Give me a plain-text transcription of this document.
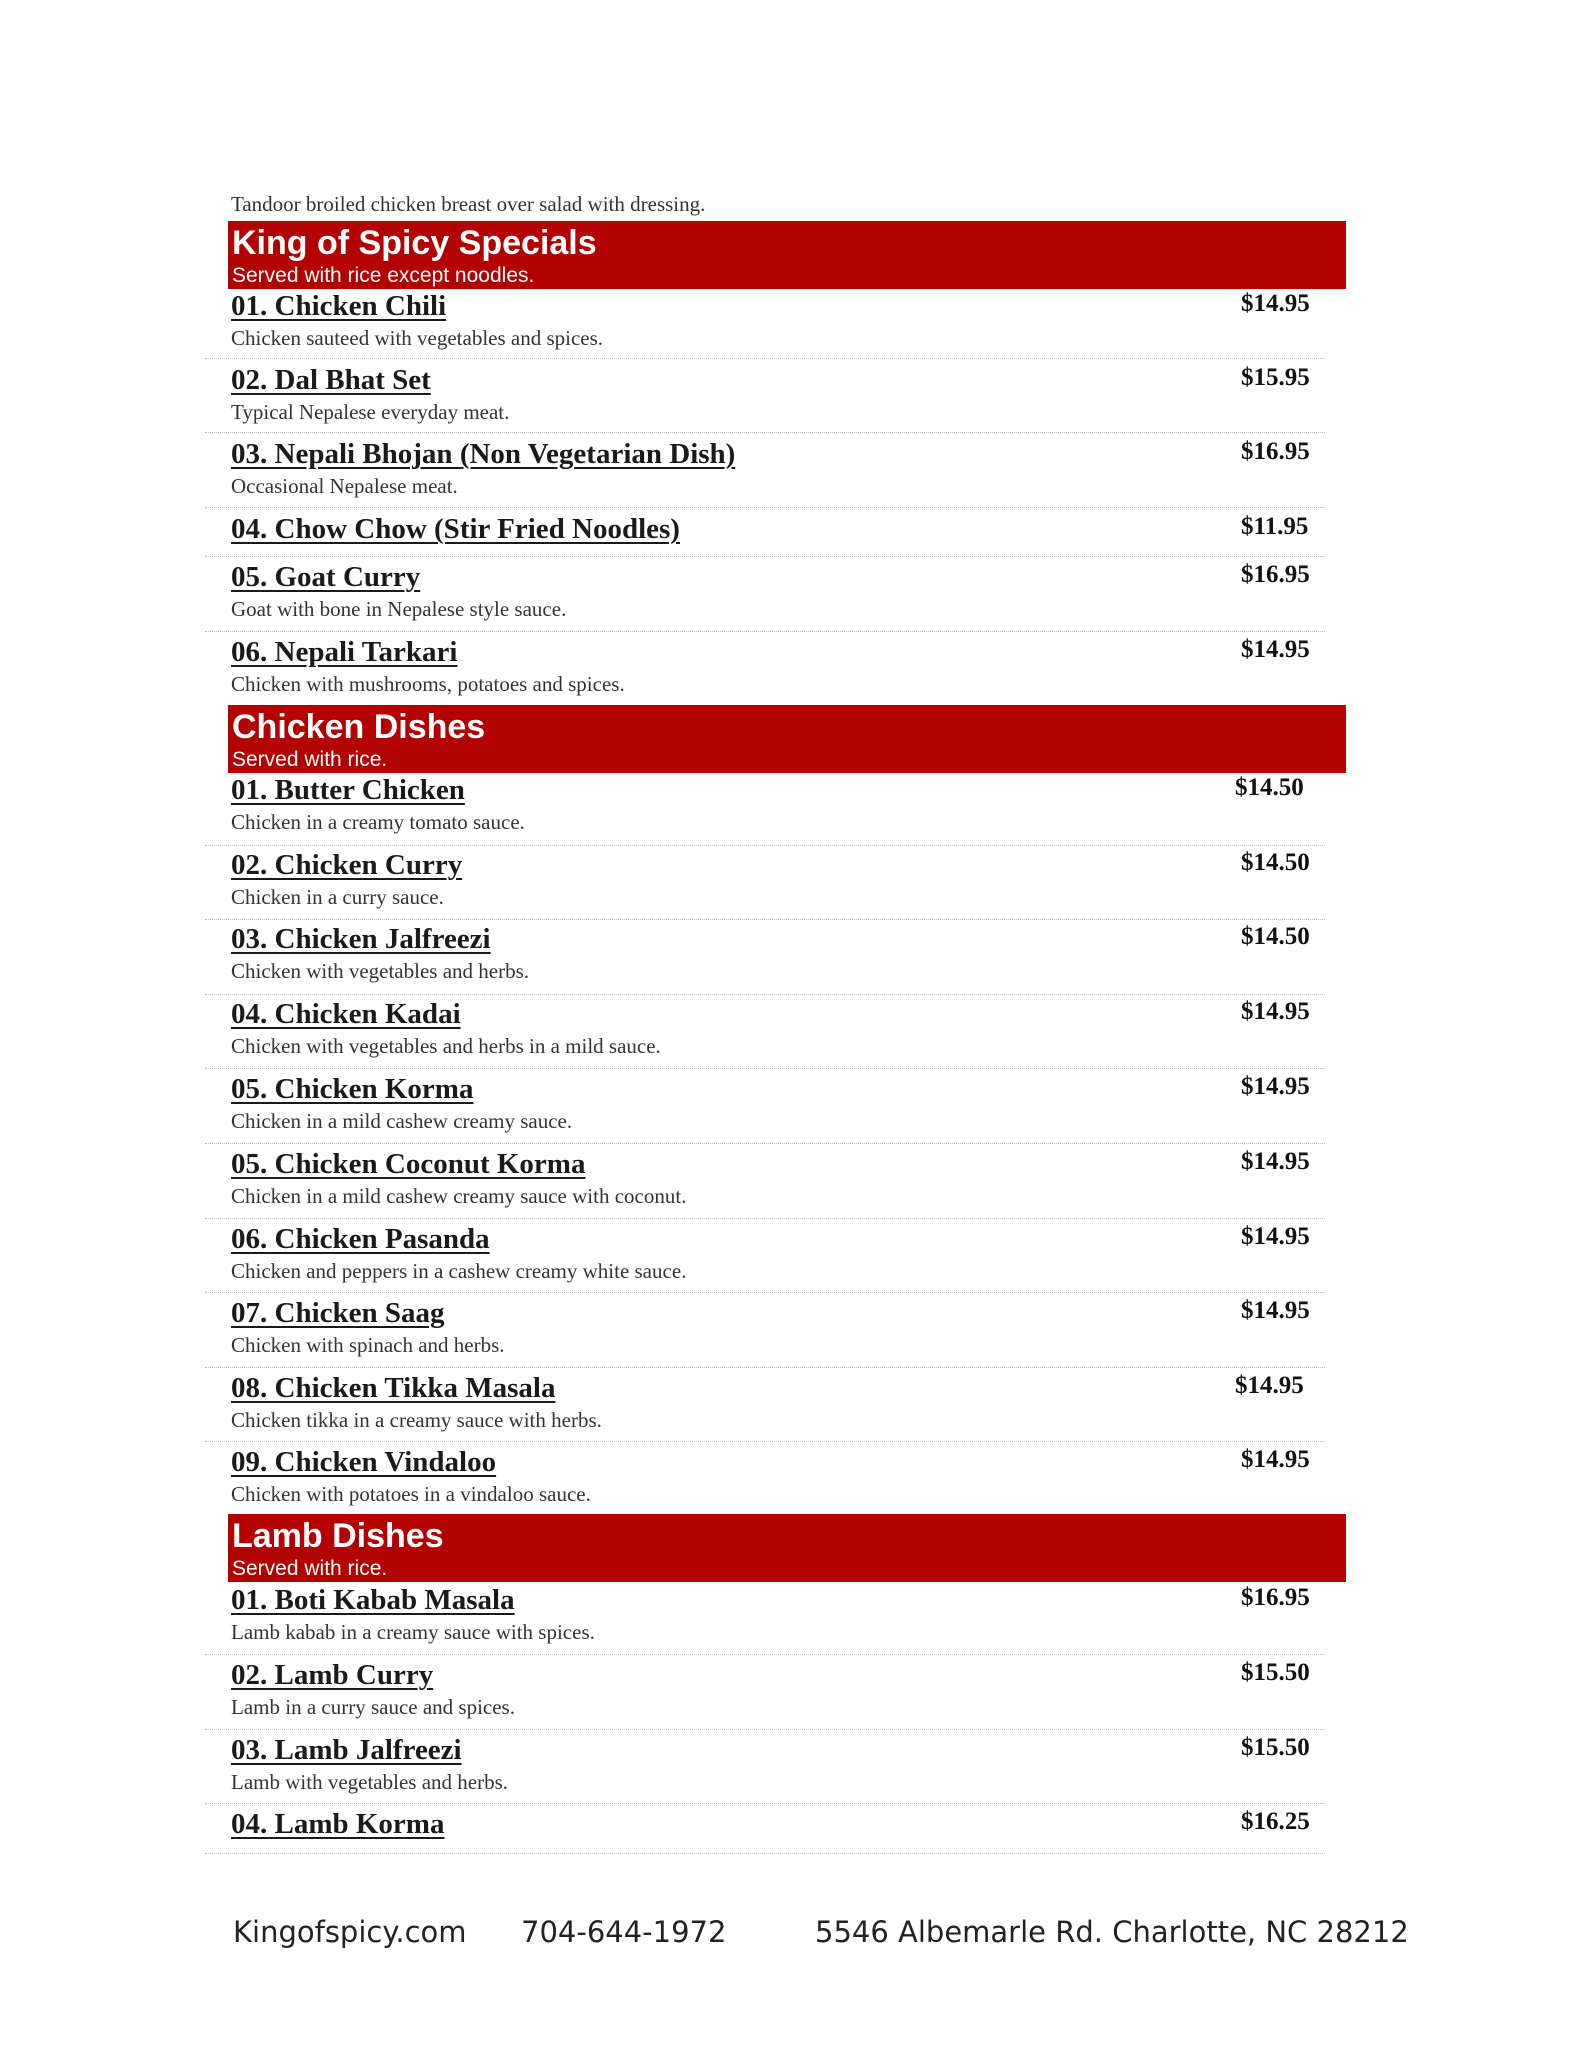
Tandoor broiled chicken breast over salad with dressing.
King of Spicy Specials
Served with rice except noodles.
01. Chicken Chili	$14.95
Chicken sauteed with vegetables and spices.
02. Dal Bhat Set	$15.95
Typical Nepalese everyday meat.
03. Nepali Bhojan (Non Vegetarian Dish)	$16.95
Occasional Nepalese meat.
04. Chow Chow (Stir Fried Noodles)	$11.95
05. Goat Curry	$16.95
Goat with bone in Nepalese style sauce.
06. Nepali Tarkari	$14.95
Chicken with mushrooms, potatoes and spices.
Chicken Dishes
Served with rice.
01. Butter Chicken	$14.50
Chicken in a creamy tomato sauce.
02. Chicken Curry	$14.50
Chicken in a curry sauce.
03. Chicken Jalfreezi	$14.50
Chicken with vegetables and herbs.
04. Chicken Kadai	$14.95
Chicken with vegetables and herbs in a mild sauce.
05. Chicken Korma	$14.95
Chicken in a mild cashew creamy sauce.
05. Chicken Coconut Korma	$14.95
Chicken in a mild cashew creamy sauce with coconut.
06. Chicken Pasanda	$14.95
Chicken and peppers in a cashew creamy white sauce.
07. Chicken Saag	$14.95
Chicken with spinach and herbs.
08. Chicken Tikka Masala	$14.95
Chicken tikka in a creamy sauce with herbs.
09. Chicken Vindaloo	$14.95
Chicken with potatoes in a vindaloo sauce.
Lamb Dishes
Served with rice.
01. Boti Kabab Masala	$16.95
Lamb kabab in a creamy sauce with spices.
02. Lamb Curry	$15.50
Lamb in a curry sauce and spices.
03. Lamb Jalfreezi	$15.50
Lamb with vegetables and herbs.
04. Lamb Korma	$16.25
Kingofspicy.com 704-644-1972	5546 Albemarle Rd. Charlotte, NC 28212
